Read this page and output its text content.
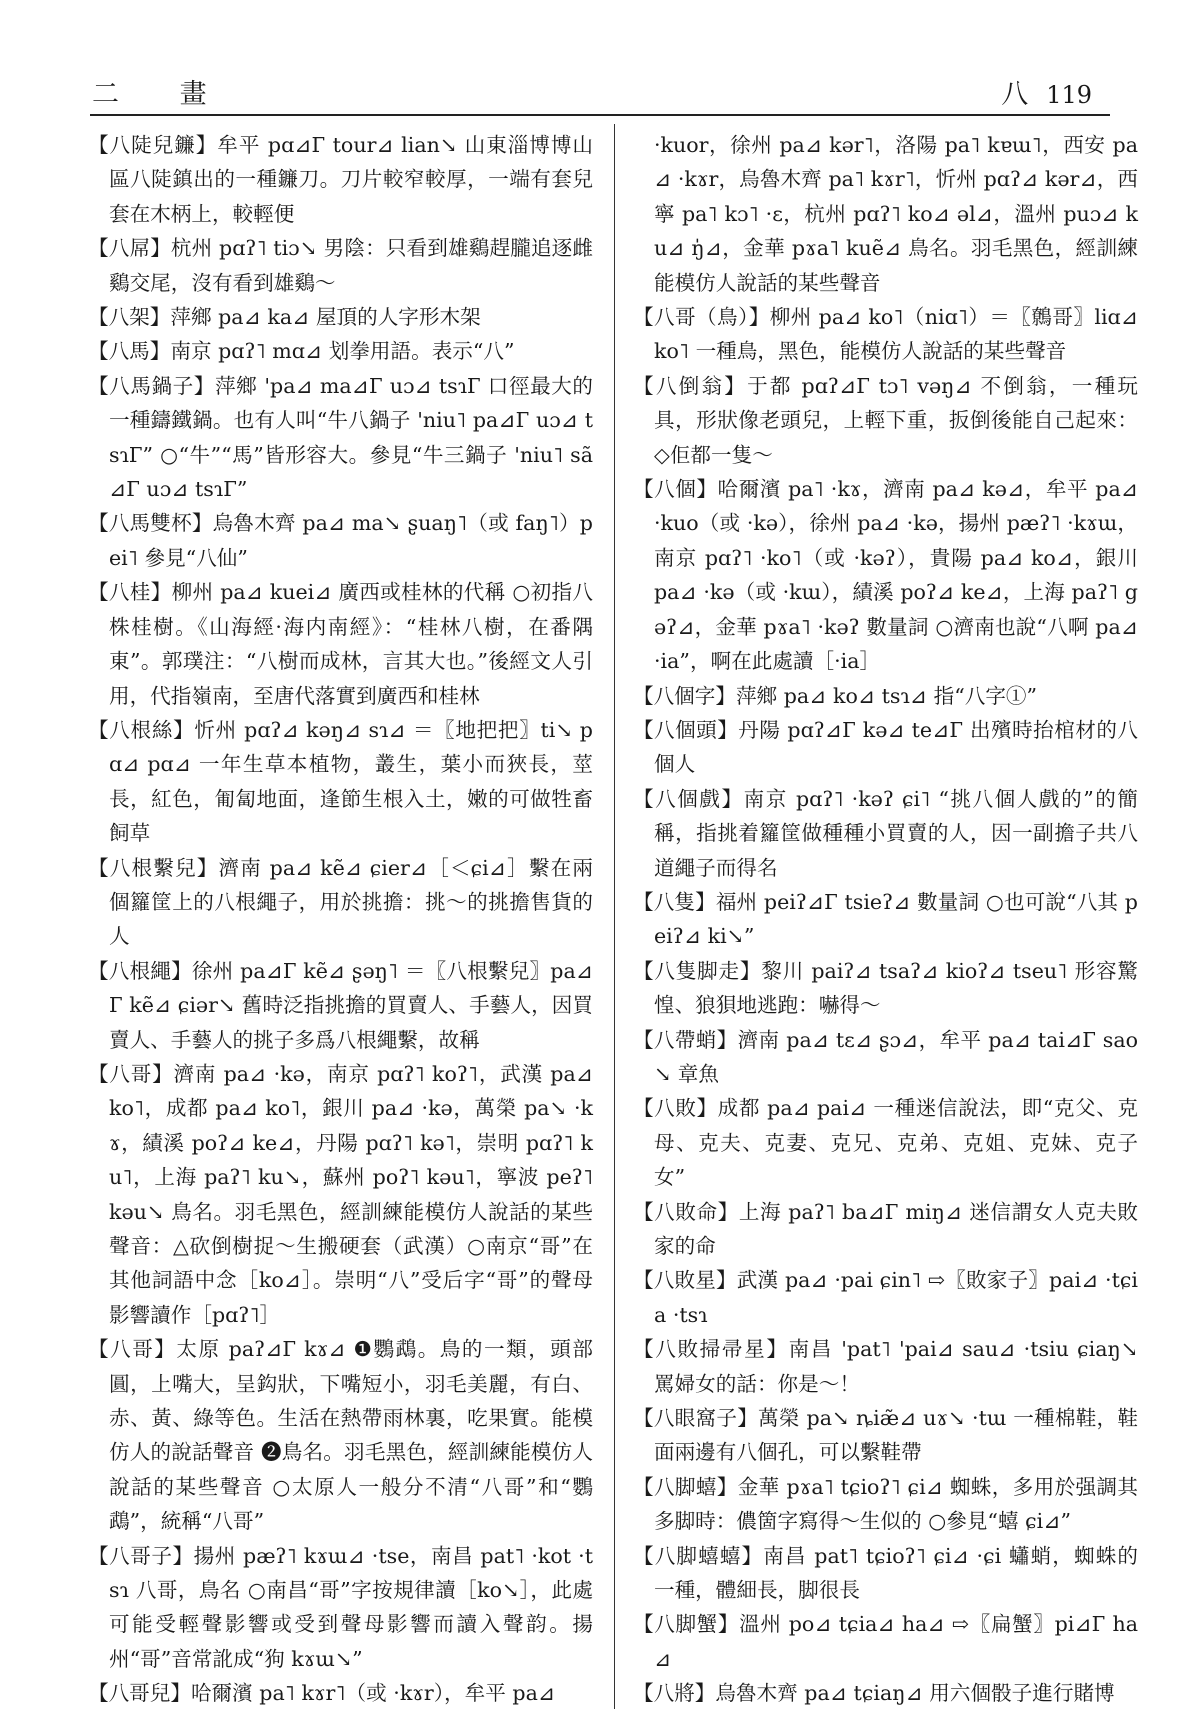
二 畫	八 119

【八陡兒鐮】牟平 pɑ⊿Г tour⊿ lian↘ 山東淄博博山區八陡鎮出的一種鐮刀。刀片較窄較厚，一端有套兒套在木柄上，較輕便

【八屌】杭州 pɑʔ˥ tiɔ↘ 男陰：只看到雄鷄趕朧追逐雌鷄交尾，沒有看到雄鷄～

【八架】萍鄉 pa⊿ ka⊿ 屋頂的人字形木架

【八馬】南京 pɑʔ˥ mɑ⊿ 划拳用語。表示“八”

【八馬鍋子】萍鄉 'pa⊿ ma⊿Г uɔ⊿ tsɿГ 口徑最大的一種鑄鐵鍋。也有人叫“牛八鍋子 'niu˥ pa⊿Г uɔ⊿ tsɿГ” ○“牛”“馬”皆形容大。參見“牛三鍋子 'niu˥ sã⊿Г uɔ⊿ tsɿГ”

【八馬雙杯】烏魯木齊 pa⊿ ma↘ ʂuaŋ˥（或 faŋ˥）pei˥ 參見“八仙”

【八桂】柳州 pa⊿ kuei⊿ 廣西或桂林的代稱 ○初指八株桂樹。《山海經·海内南經》：“桂林八樹，在番隅東”。郭璞注：“八樹而成林，言其大也。”後經文人引用，代指嶺南，至唐代落實到廣西和桂林

【八根絲】忻州 pɑʔ⊿ kəŋ⊿ sɿ⊿ ＝〖地把把〗ti↘ pɑ⊿ pɑ⊿ 一年生草本植物，叢生，葉小而狹長，莖長，紅色，匍匐地面，逢節生根入土，嫩的可做牲畜飼草

【八根繫兒】濟南 pa⊿ kẽ⊿ ɕier⊿［＜ɕi⊿］繫在兩個籮筐上的八根繩子，用於挑擔：挑～的挑擔售貨的人

【八根繩】徐州 pa⊿Г kẽ⊿ ʂəŋ˥ ＝〖八根繫兒〗pa⊿Г kẽ⊿ ɕiər↘ 舊時泛指挑擔的買賣人、手藝人，因買賣人、手藝人的挑子多爲八根繩繫，故稱

【八哥】濟南 pa⊿ ·kə，南京 pɑʔ˥ koʔ˥，武漢 pa⊿ ko˥，成都 pa⊿ ko˥，銀川 pa⊿ ·kə，萬榮 pa↘ ·kɤ，績溪 poʔ⊿ ke⊿，丹陽 pɑʔ˥ kə˥，崇明 pɑʔ˥ ku˥，上海 paʔ˥ ku↘，蘇州 poʔ˥ kəu˥，寧波 peʔ˥ kəu↘ 鳥名。羽毛黑色，經訓練能模仿人說話的某些聲音：△砍倒樹捉～生搬硬套（武漢）○南京“哥”在其他詞語中念［ko⊿］。崇明“八”受后字“哥”的聲母影響讀作［pɑʔ˥］

【八哥】太原 paʔ⊿Г kɤ⊿ ❶鸚鵡。鳥的一類，頭部圓，上嘴大，呈鈎狀，下嘴短小，羽毛美麗，有白、赤、黃、綠等色。生活在熱帶雨林裏，吃果實。能模仿人的說話聲音 ❷鳥名。羽毛黑色，經訓練能模仿人說話的某些聲音 ○太原人一般分不清“八哥”和“鸚鵡”，統稱“八哥”

【八哥子】揚州 pæʔ˥ kɤɯ⊿ ·tse，南昌 pat˥ ·kot ·tsɿ 八哥，鳥名 ○南昌“哥”字按規律讀［ko↘］，此處可能受輕聲影響或受到聲母影響而讀入聲韵。揚州“哥”音常訛成“狗 kɤɯ↘”

【八哥兒】哈爾濱 pa˥ kɤr˥（或 ·kɤr），牟平 pa⊿

·kuor，徐州 pa⊿ kər˥，洛陽 pa˥ kɐɯ˥，西安 pa⊿ ·kɤr，烏魯木齊 pa˥ kɤr˥，忻州 pɑʔ⊿ kər⊿，西寧 pa˥ kɔ˥ ·ɛ，杭州 pɑʔ˥ ko⊿ əl⊿，溫州 puɔ⊿ ku⊿ ŋ̍⊿，金華 pɤa˥ kuẽ⊿ 鳥名。羽毛黑色，經訓練能模仿人說話的某些聲音

【八哥（鳥）】柳州 pa⊿ ko˥（niɑ˥）＝〖鷯哥〗liɑ⊿ ko˥ 一種鳥，黑色，能模仿人說話的某些聲音

【八倒翁】于都 pɑʔ⊿Г tɔ˥ vəŋ⊿ 不倒翁，一種玩具，形狀像老頭兒，上輕下重，扳倒後能自己起來：◇佢都一隻～

【八個】哈爾濱 pa˥ ·kɤ，濟南 pa⊿ kə⊿，牟平 pa⊿ ·kuo（或 ·kə），徐州 pa⊿ ·kə，揚州 pæʔ˥ ·kɤɯ，南京 pɑʔ˥ ·ko˥（或 ·kəʔ），貴陽 pa⊿ ko⊿，銀川 pa⊿ ·kə（或 ·kɯ），績溪 poʔ⊿ ke⊿，上海 paʔ˥ gəʔ⊿，金華 pɤa˥ ·kəʔ 數量詞 ○濟南也說“八啊 pa⊿ ·ia”，啊在此處讀［·ia］

【八個字】萍鄉 pa⊿ ko⊿ tsɿ⊿ 指“八字①”

【八個頭】丹陽 pɑʔ⊿Г kə⊿ te⊿Г 出殯時抬棺材的八個人

【八個戲】南京 pɑʔ˥ ·kəʔ ɕi˥ “挑八個人戲的”的簡稱，指挑着籮筐做種種小買賣的人，因一副擔子共八道繩子而得名

【八隻】福州 peiʔ⊿Г tsieʔ⊿ 數量詞 ○也可說“八其 peiʔ⊿ ki↘”

【八隻脚走】黎川 paiʔ⊿ tsaʔ⊿ kioʔ⊿ tseu˥ 形容驚惶、狼狽地逃跑：嚇得～

【八帶蛸】濟南 pa⊿ tɛ⊿ ʂɔ⊿，牟平 pa⊿ tai⊿Г sao↘ 章魚

【八敗】成都 pa⊿ pai⊿ 一種迷信說法，即“克父、克母、克夫、克妻、克兄、克弟、克姐、克妹、克子女”

【八敗命】上海 paʔ˥ ba⊿Г miŋ⊿ 迷信謂女人克夫敗家的命

【八敗星】武漢 pa⊿ ·pai ɕin˥ ⇨〖敗家子〗pai⊿ ·tɕia ·tsɿ

【八敗掃帚星】南昌 'pat˥ 'pai⊿ sau⊿ ·tsiu ɕiaŋ↘ 罵婦女的話：你是～！

【八眼窩子】萬榮 pa↘ ȵiæ̃⊿ uɤ↘ ·tɯ 一種棉鞋，鞋面兩邊有八個孔，可以繫鞋帶

【八脚蟢】金華 pɤa˥ tɕioʔ˥ ɕi⊿ 蜘蛛，多用於强調其多脚時：儂箇字寫得～生似的 ○參見“蟢 ɕi⊿”

【八脚蟢蟢】南昌 pat˥ tɕioʔ˥ ɕi⊿ ·ɕi 蠨蛸，蜘蛛的一種，體細長，脚很長

【八脚蟹】溫州 po⊿ tɕia⊿ ha⊿ ⇨〖扁蟹〗pi⊿Г ha⊿

【八將】烏魯木齊 pa⊿ tɕiaŋ⊿ 用六個骰子進行賭博
